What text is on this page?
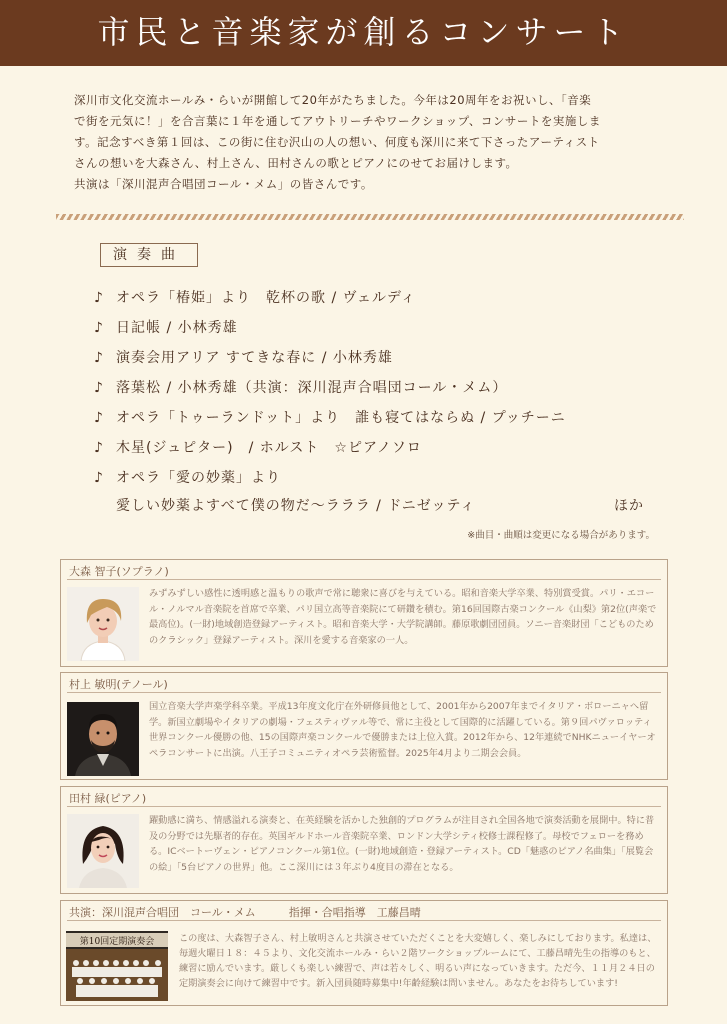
市民と音楽家が創るコンサート

深川市文化交流ホールみ・らいが開館して20年がたちました。今年は20周年をお祝いし、「音楽

で街を元気に！」を合言葉に１年を通してアウトリーチやワークショップ、コンサートを実施しま

す。記念すべき第１回は、この街に住む沢山の人の想い、何度も深川に来て下さったアーティスト

さんの想いを大森さん、村上さん、田村さんの歌とピアノにのせてお届けします。

共演は「深川混声合唱団コール・メム」の皆さんです。

演奏曲
♪ オペラ「椿姫」より　乾杯の歌 / ヴェルディ
♪ 日記帳 / 小林秀雄
♪ 演奏会用アリア すてきな春に / 小林秀雄
♪ 落葉松 / 小林秀雄（共演：深川混声合唱団コール・メム）
♪ オペラ「トゥーランドット」より　誰も寝てはならぬ / プッチーニ
♪ 木星(ジュピター)　/ ホルスト　☆ピアノソロ
♪ オペラ「愛の妙薬」より
愛しい妙薬よすべて僕の物だ～ラララ / ドニゼッティ	ほか
※曲目・曲順は変更になる場合があります。
大森 智子(ソプラノ)
みずみずしい感性に透明感と温もりの歌声で常に聴衆に喜びを与えている。昭和音楽大学卒業、特別賞受賞。パリ・エコール・ノルマル音楽院を首席で卒業、パリ国立高等音楽院にて研鑽を積む。第16回国際古楽コンクール《山梨》第2位(声楽で最高位)。(一財)地域創造登録アーティスト。昭和音楽大学・大学院講師。藤原歌劇団団員。ソニー音楽財団「こどものためのクラシック」登録アーティスト。深川を愛する音楽家の一人。
村上 敏明(テノール)
国立音楽大学声楽学科卒業。平成13年度文化庁在外研修員他として、2001年から2007年までイタリア・ボローニャへ留学。新国立劇場やイタリアの劇場・フェスティヴァル等で、常に主役として国際的に活躍している。第９回パヴァロッティ世界コンクール優勝の他、15の国際声楽コンクールで優勝または上位入賞。2012年から、12年連続でNHKニューイヤーオペラコンサートに出演。八王子コミュニティオペラ芸術監督。2025年4月より二期会会員。
田村 緑(ピアノ)
躍動感に満ち、情感溢れる演奏と、在英経験を活かした独創的プログラムが注目され全国各地で演奏活動を展開中。特に普及の分野では先駆者的存在。英国ギルドホール音楽院卒業、ロンドン大学シティ校修士課程修了。母校でフェローを務める。ICベートーヴェン・ピアノコンクール第1位。(一財)地域創造・登録アーティスト。CD「魅惑のピアノ名曲集」「展覧会の絵」「5台ピアノの世界」他。ここ深川には３年ぶり4度目の滞在となる。
共演：深川混声合唱団　コール・メム　　　指揮・合唱指導　工藤昌晴
第10回定期演奏会	この度は、大森智子さん、村上敏明さんと共演させていただくことを大変嬉しく、楽しみにしております。私達は、毎週火曜日１８：４５より、文化交流ホールみ・らい２階ワークショップルームにて、工藤昌晴先生の指導のもと、練習に励んでいます。厳しくも楽しい練習で、声は若々しく、明るい声になっていきます。ただ今、１１月２４日の定期演奏会に向けて練習中です。新入団員随時募集中!年齢経験は問いません。あなたをお待ちしています!
